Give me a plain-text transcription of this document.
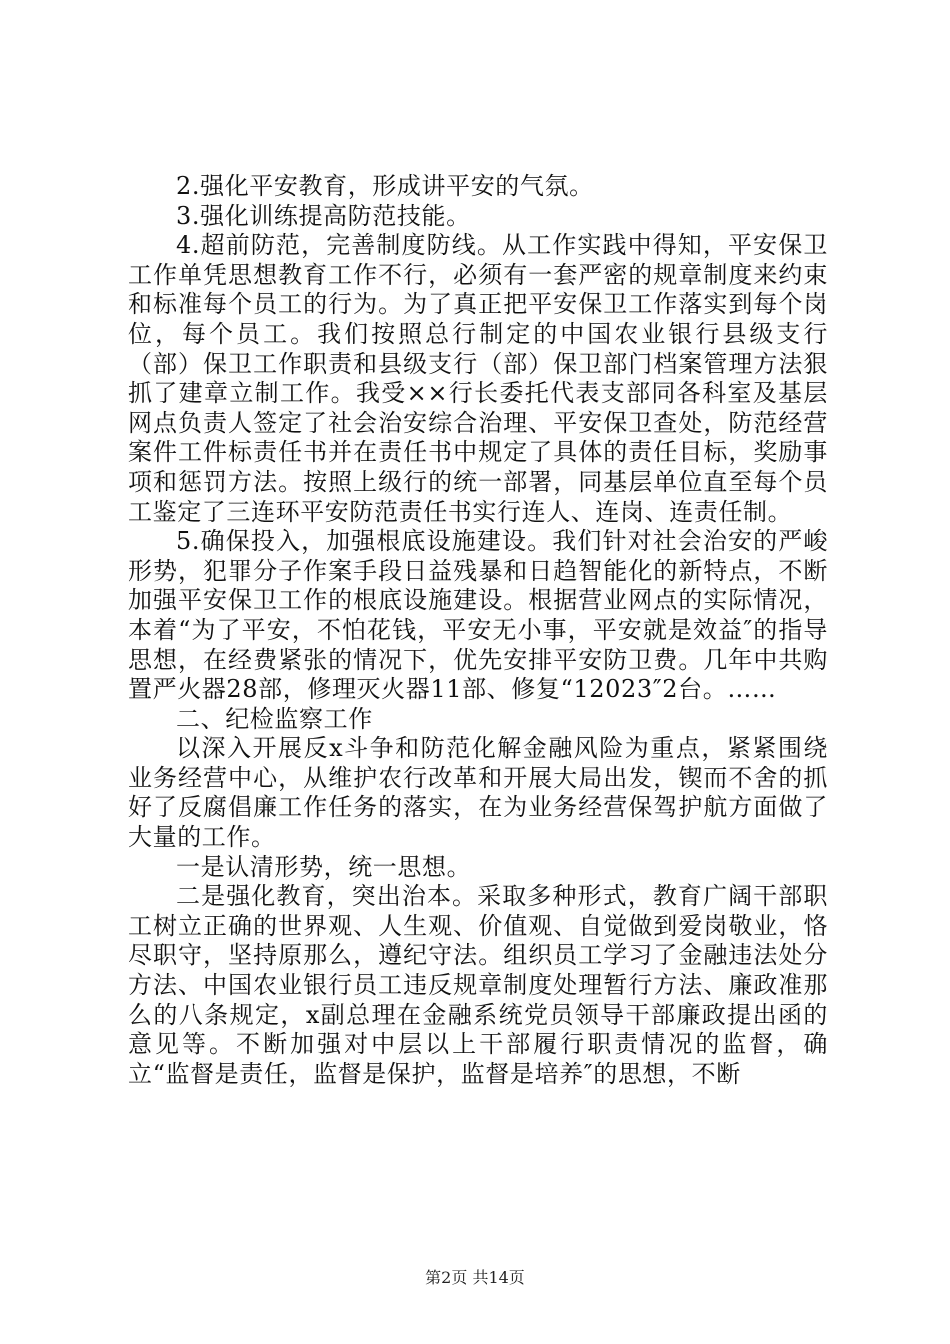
2.强化平安教育，形成讲平安的气氛。

3.强化训练提高防范技能。

4.超前防范，完善制度防线。从工作实践中得知，平安保卫工作单凭思想教育工作不行，必须有一套严密的规章制度来约束和标准每个员工的行为。为了真正把平安保卫工作落实到每个岗位，每个员工。我们按照总行制定的中国农业银行县级支行（部）保卫工作职责和县级支行（部）保卫部门档案管理方法狠抓了建章立制工作。我受××行长委托代表支部同各科室及基层网点负责人签定了社会治安综合治理、平安保卫查处，防范经营案件工件标责任书并在责任书中规定了具体的责任目标，奖励事项和惩罚方法。按照上级行的统一部署，同基层单位直至每个员工鉴定了三连环平安防范责任书实行连人、连岗、连责任制。

5.确保投入，加强根底设施建设。我们针对社会治安的严峻形势，犯罪分子作案手段日益残暴和日趋智能化的新特点，不断加强平安保卫工作的根底设施建设。根据营业网点的实际情况，本着“为了平安，不怕花钱，平安无小事，平安就是效益″的指导思想，在经费紧张的情况下，优先安排平安防卫费。几年中共购置严火器28部，修理灭火器11部、修复“12023″2台。……

二、纪检监察工作

以深入开展反x斗争和防范化解金融风险为重点，紧紧围绕业务经营中心，从维护农行改革和开展大局出发，锲而不舍的抓好了反腐倡廉工作任务的落实，在为业务经营保驾护航方面做了大量的工作。

一是认清形势，统一思想。

二是强化教育，突出治本。采取多种形式，教育广阔干部职工树立正确的世界观、人生观、价值观、自觉做到爱岗敬业，恪尽职守，坚持原那么，遵纪守法。组织员工学习了金融违法处分方法、中国农业银行员工违反规章制度处理暂行方法、廉政准那么的八条规定，x副总理在金融系统党员领导干部廉政提出函的意见等。不断加强对中层以上干部履行职责情况的监督，确立“监督是责任，监督是保护，监督是培养″的思想，不断

第2页 共14页
